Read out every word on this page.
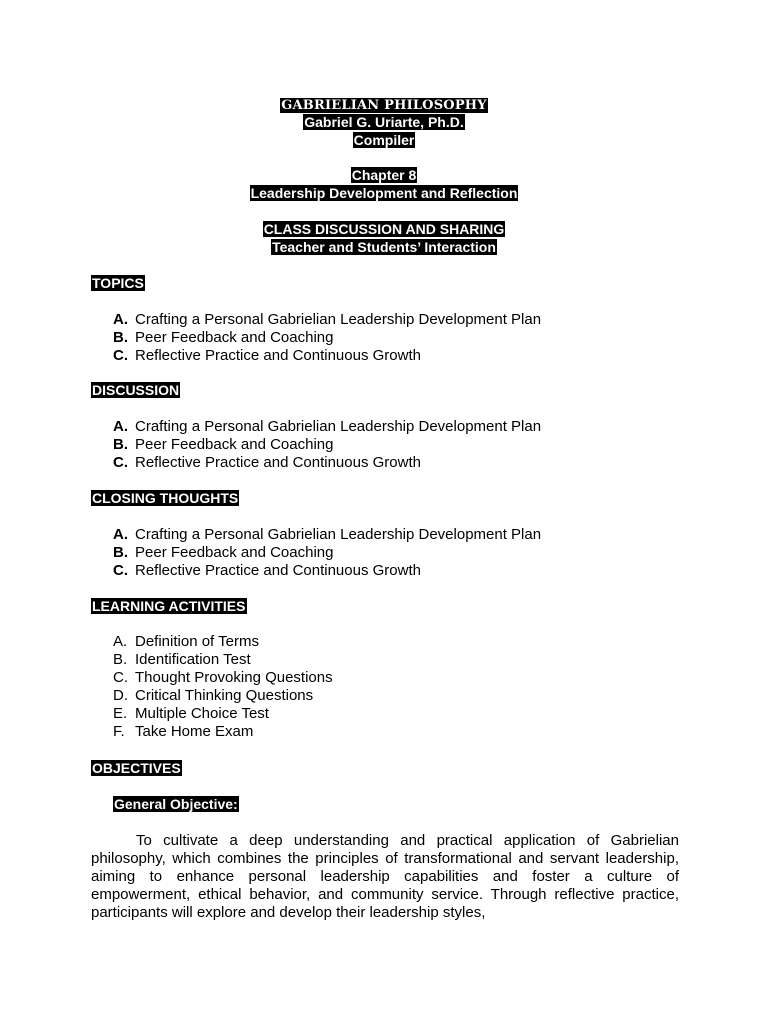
GABRIELIAN PHILOSOPHY
Gabriel G. Uriarte, Ph.D.
Compiler
Chapter 8
Leadership Development and Reflection
CLASS DISCUSSION AND SHARING
Teacher and Students’ Interaction
TOPICS
A. Crafting a Personal Gabrielian Leadership Development Plan
B. Peer Feedback and Coaching
C. Reflective Practice and Continuous Growth
DISCUSSION
A. Crafting a Personal Gabrielian Leadership Development Plan
B. Peer Feedback and Coaching
C. Reflective Practice and Continuous Growth
CLOSING THOUGHTS
A. Crafting a Personal Gabrielian Leadership Development Plan
B. Peer Feedback and Coaching
C. Reflective Practice and Continuous Growth
LEARNING ACTIVITIES
A. Definition of Terms
B. Identification Test
C. Thought Provoking Questions
D. Critical Thinking Questions
E. Multiple Choice Test
F. Take Home Exam
OBJECTIVES
General Objective:

To cultivate a deep understanding and practical application of Gabrielian philosophy, which combines the principles of transformational and servant leadership, aiming to enhance personal leadership capabilities and foster a culture of empowerment, ethical behavior, and community service. Through reflective practice, participants will explore and develop their leadership styles,
